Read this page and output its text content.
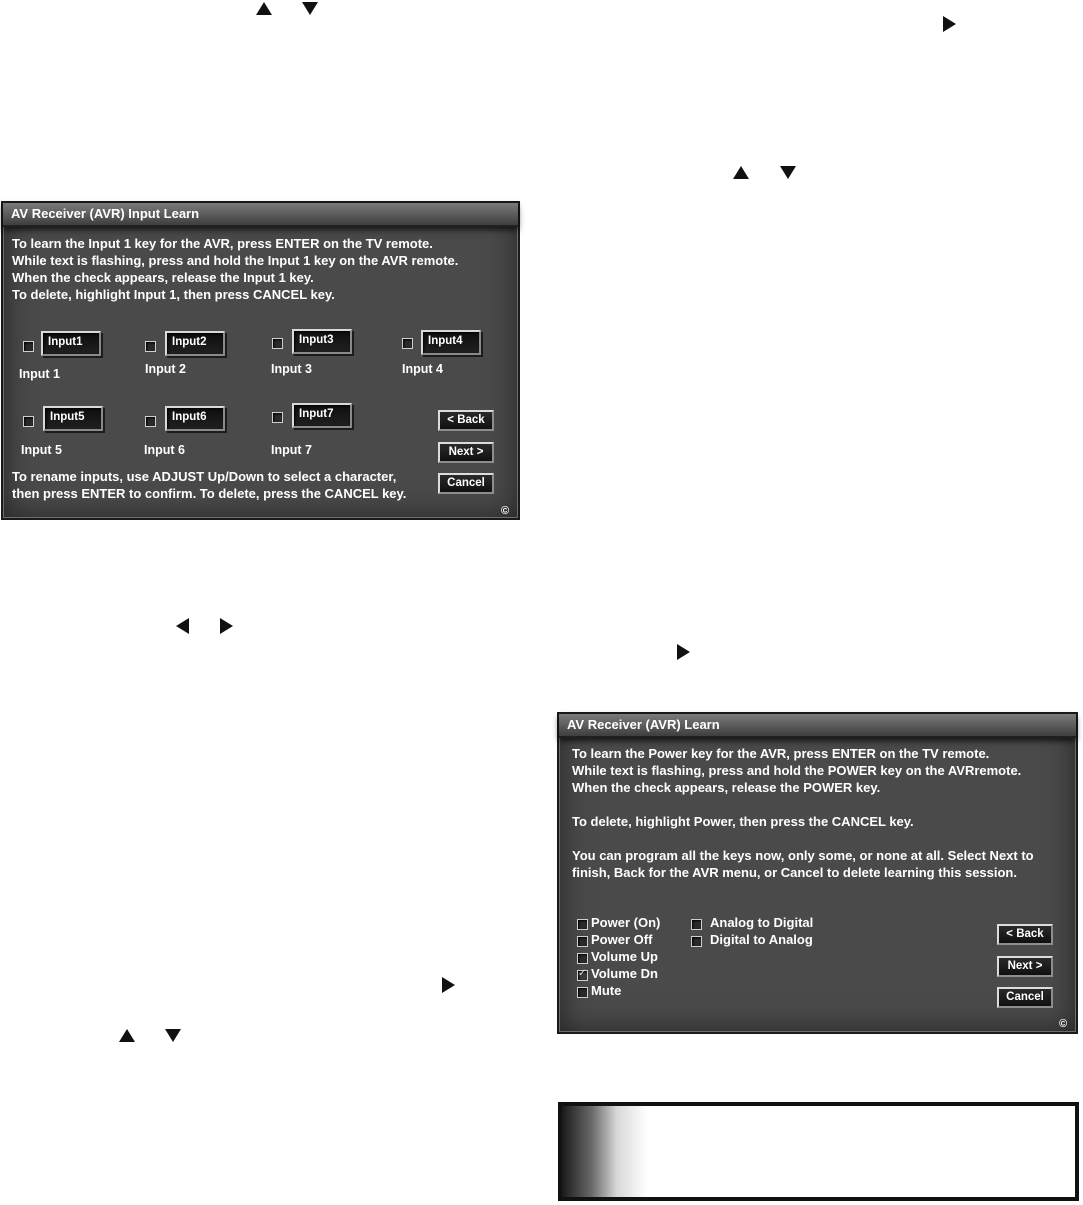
AV Receiver (AVR) Input Learn
To learn the Input 1 key for the AVR, press ENTER on the TV remote.
While text is flashing, press and hold the Input 1 key on the AVR remote.
When the check appears, release the Input 1 key.
To delete, highlight Input 1, then press CANCEL key.
Input1
Input 1
Input2
Input 2
Input3
Input 3
Input4
Input 4
Input5
Input 5
Input6
Input 6
Input7
Input 7
< Back
Next >
Cancel
To rename inputs, use ADJUST Up/Down to select a character,
then press ENTER to confirm. To delete, press the CANCEL key.
©
AV Receiver (AVR) Learn
To learn the Power key for the AVR, press ENTER on the TV remote.
While text is flashing, press and hold the POWER key on the AVRremote.
When the check appears, release the POWER key.
To delete, highlight Power, then press the CANCEL key.
You can program all the keys now, only some, or none at all. Select Next to
finish, Back for the AVR menu, or Cancel to delete learning this session.
Power (On)
Power Off
Volume Up
✓
Volume Dn
Mute
Analog to Digital
Digital to Analog	< Back
Next >
Cancel
©
